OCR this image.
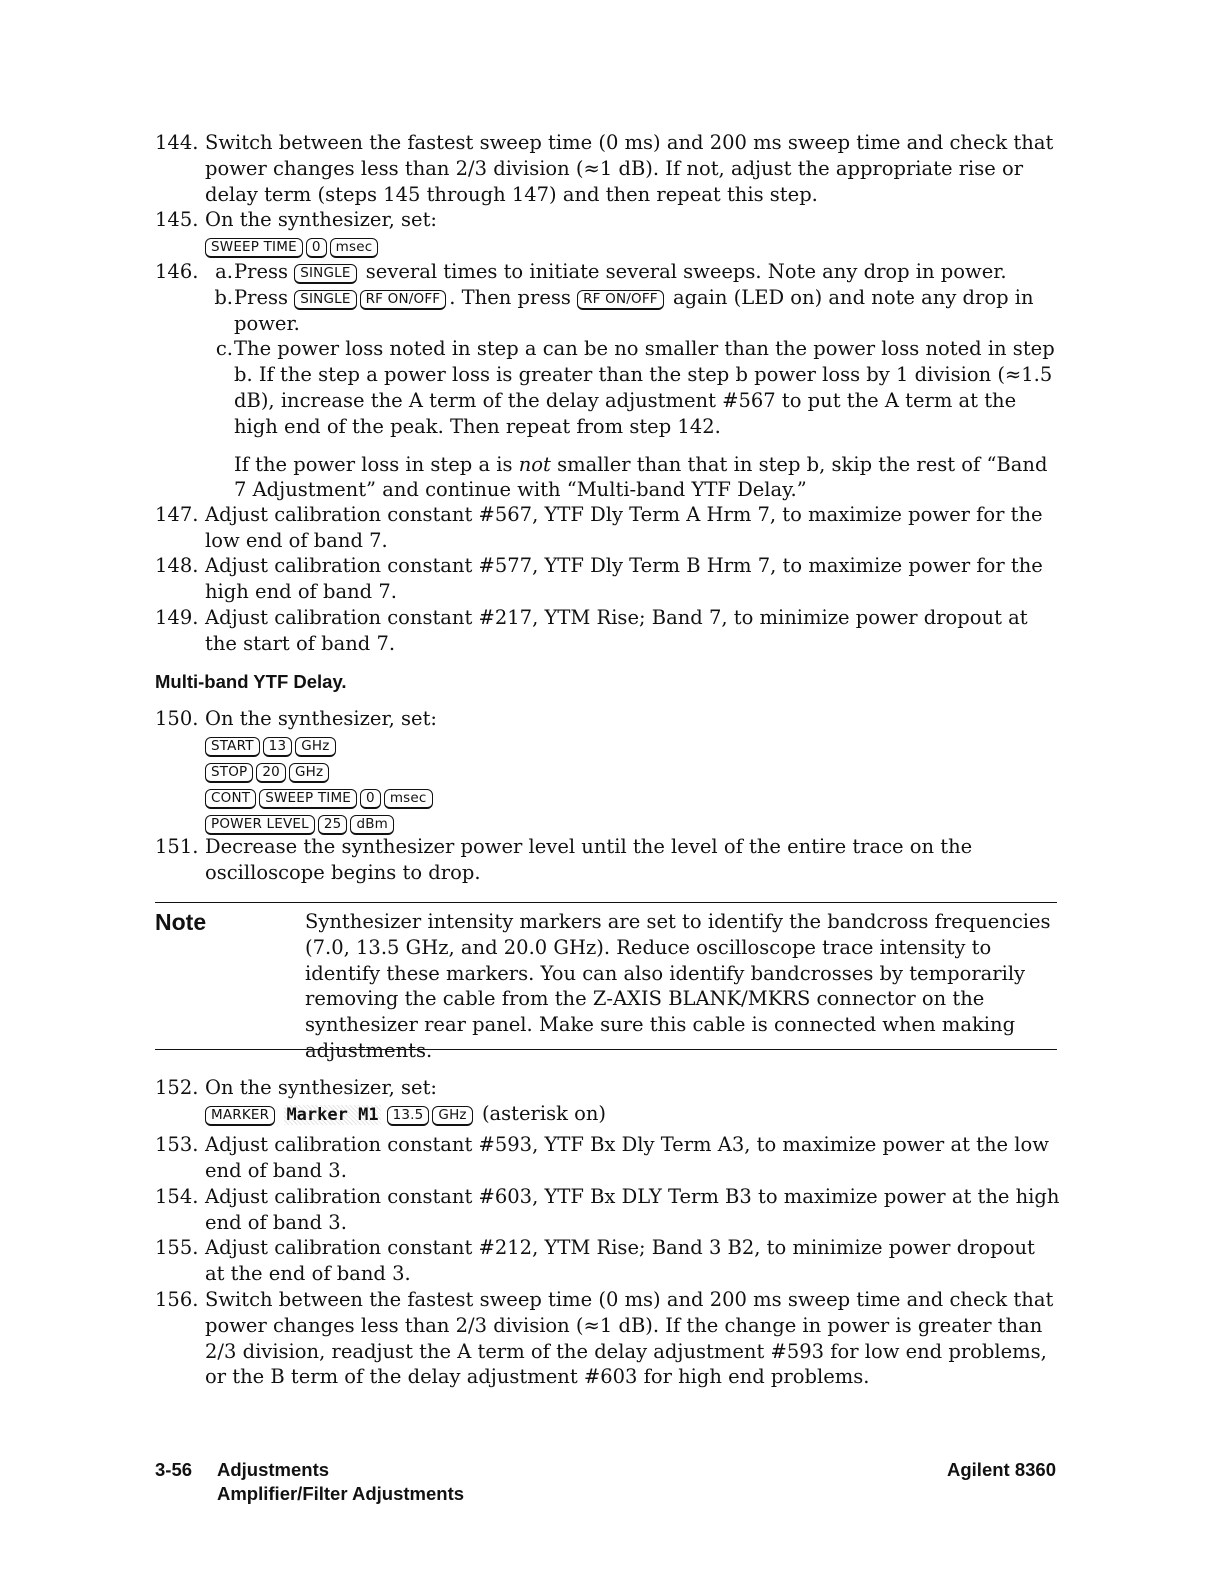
144. Switch between the fastest sweep time (0 ms) and 200 ms sweep time and check that power changes less than 2/3 division (≈1 dB). If not, adjust the appropriate rise or delay term (steps 145 through 147) and then repeat this step.
145. On the synthesizer, set:
SWEEP TIME 0 msec
146. a. Press SINGLE several times to initiate several sweeps. Note any drop in power.
b. Press SINGLE RF ON/OFF . Then press RF ON/OFF again (LED on) and note any drop in power.
c. The power loss noted in step a can be no smaller than the power loss noted in step b. If the step a power loss is greater than the step b power loss by 1 division (≈1.5 dB), increase the A term of the delay adjustment #567 to put the A term at the high end of the peak. Then repeat from step 142.
If the power loss in step a is not smaller than that in step b, skip the rest of “Band 7 Adjustment” and continue with “Multi-band YTF Delay.”
147. Adjust calibration constant #567, YTF Dly Term A Hrm 7, to maximize power for the low end of band 7.
148. Adjust calibration constant #577, YTF Dly Term B Hrm 7, to maximize power for the high end of band 7.
149. Adjust calibration constant #217, YTM Rise; Band 7, to minimize power dropout at the start of band 7.
Multi-band YTF Delay.
150. On the synthesizer, set:
START 13 GHz
STOP 20 GHz
CONT SWEEP TIME 0 msec
POWER LEVEL 25 dBm
151. Decrease the synthesizer power level until the level of the entire trace on the oscilloscope begins to drop.
Note	Synthesizer intensity markers are set to identify the bandcross frequencies (7.0, 13.5 GHz, and 20.0 GHz). Reduce oscilloscope trace intensity to identify these markers. You can also identify bandcrosses by temporarily removing the cable from the Z-AXIS BLANK/MKRS connector on the synthesizer rear panel. Make sure this cable is connected when making adjustments.
152. On the synthesizer, set:
MARKER Marker M1 13.5 GHz (asterisk on)
153. Adjust calibration constant #593, YTF Bx Dly Term A3, to maximize power at the low end of band 3.
154. Adjust calibration constant #603, YTF Bx DLY Term B3 to maximize power at the high end of band 3.
155. Adjust calibration constant #212, YTM Rise; Band 3 B2, to minimize power dropout at the end of band 3.
156. Switch between the fastest sweep time (0 ms) and 200 ms sweep time and check that power changes less than 2/3 division (≈1 dB). If the change in power is greater than 2/3 division, readjust the A term of the delay adjustment #593 for low end problems, or the B term of the delay adjustment #603 for high end problems.
3-56 Adjustments
Amplifier/Filter Adjustments
Agilent 8360
